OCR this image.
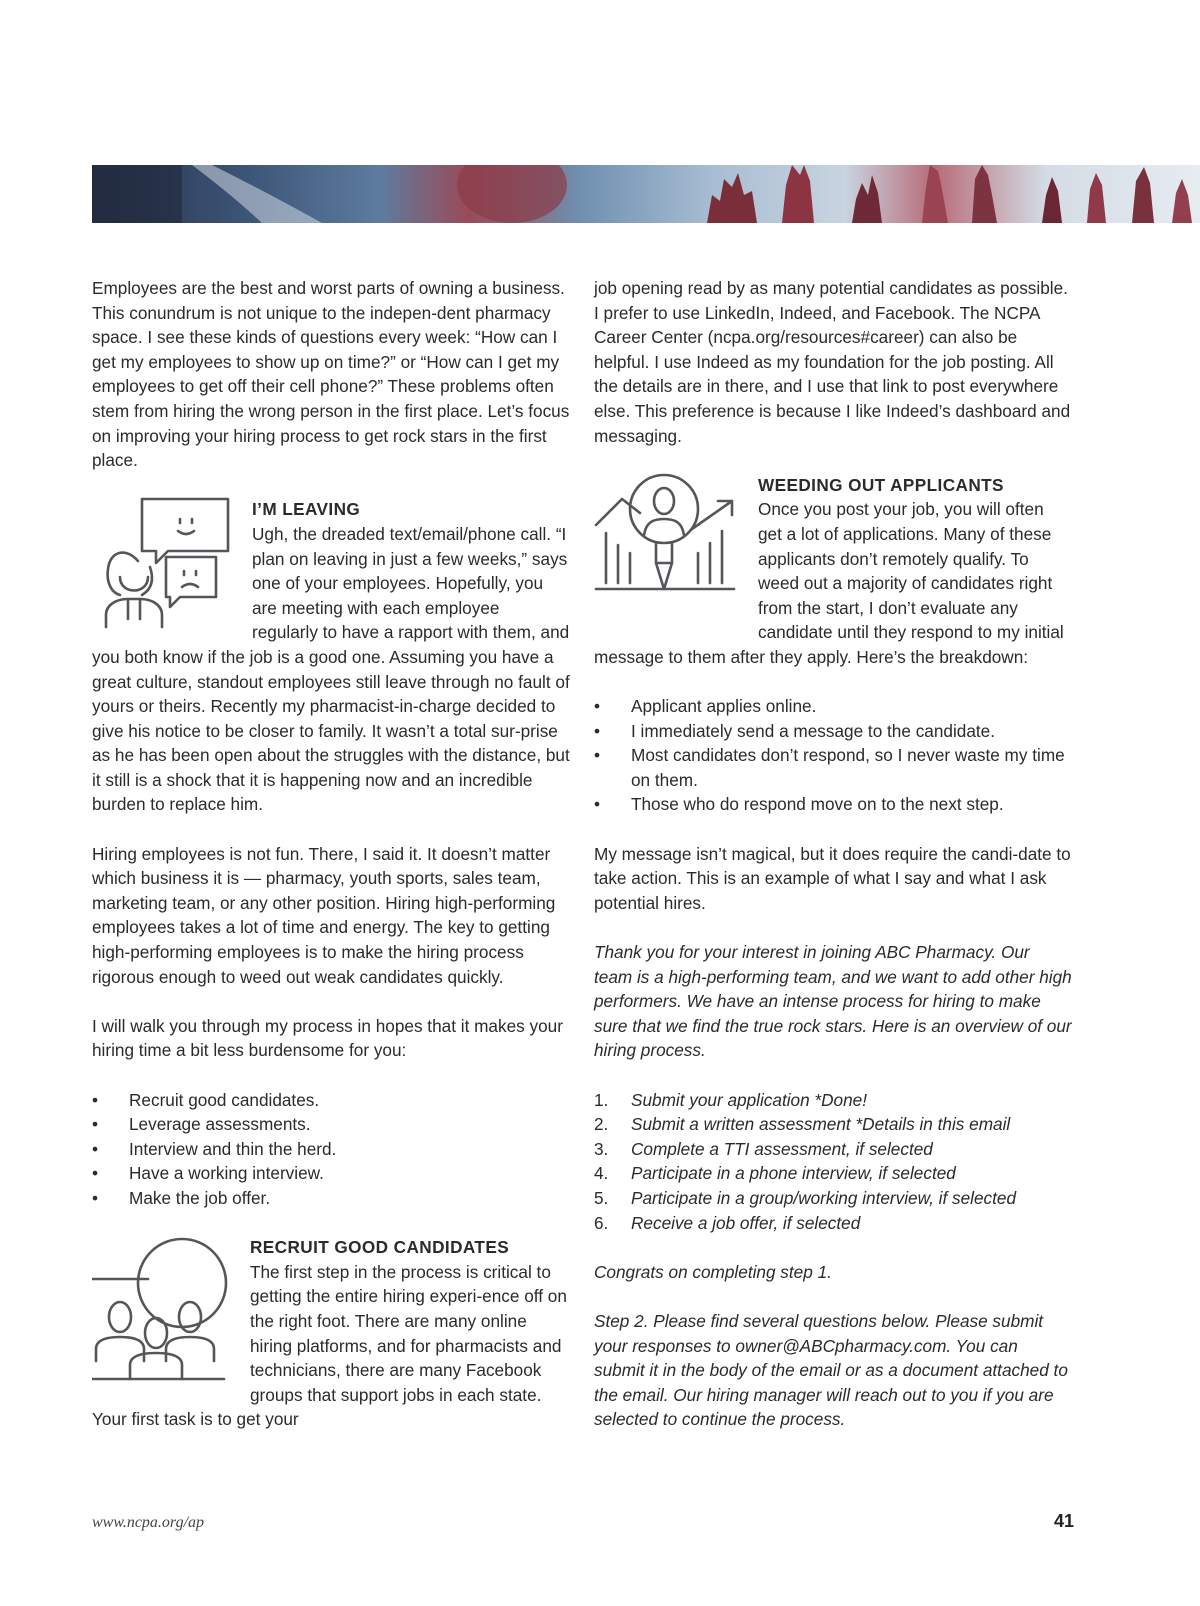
Employees are the best and worst parts of owning a business. This conundrum is not unique to the indepen-dent pharmacy space. I see these kinds of questions every week: “How can I get my employees to show up on time?” or “How can I get my employees to get off their cell phone?” These problems often stem from hiring the wrong person in the first place. Let’s focus on improving your hiring process to get rock stars in the first place.

I’M LEAVING
Ugh, the dreaded text/email/phone call. “I plan on leaving in just a few weeks,” says one of your employees. Hopefully, you are meeting with each employee regularly to have a rapport with them, and you both know if the job is a good one. Assuming you have a great culture, standout employees still leave through no fault of yours or theirs. Recently my pharmacist-in-charge decided to give his notice to be closer to family. It wasn’t a total sur-prise as he has been open about the struggles with the distance, but it still is a shock that it is happening now and an incredible burden to replace him.

Hiring employees is not fun. There, I said it. It doesn’t matter which business it is — pharmacy, youth sports, sales team, marketing team, or any other position. Hiring high-performing employees takes a lot of time and energy. The key to getting high-performing employees is to make the hiring process rigorous enough to weed out weak candidates quickly.

I will walk you through my process in hopes that it makes your hiring time a bit less burdensome for you:

• Recruit good candidates.
• Leverage assessments.
• Interview and thin the herd.
• Have a working interview.
• Make the job offer.

RECRUIT GOOD CANDIDATES
The first step in the process is critical to getting the entire hiring experi-ence off on the right foot. There are many online hiring platforms, and for pharmacists and technicians, there are many Facebook groups that support jobs in each state. Your first task is to get your

job opening read by as many potential candidates as possible. I prefer to use LinkedIn, Indeed, and Facebook. The NCPA Career Center (ncpa.org/resources#career) can also be helpful. I use Indeed as my foundation for the job posting. All the details are in there, and I use that link to post everywhere else. This preference is because I like Indeed’s dashboard and messaging.

WEEDING OUT APPLICANTS
Once you post your job, you will often get a lot of applications. Many of these applicants don’t remotely qualify. To weed out a majority of candidates right from the start, I don’t evaluate any candidate until they respond to my initial message to them after they apply. Here’s the breakdown:

• Applicant applies online.
• I immediately send a message to the candidate.
• Most candidates don’t respond, so I never waste my time on them.
• Those who do respond move on to the next step.

My message isn’t magical, but it does require the candi-date to take action. This is an example of what I say and what I ask potential hires.

Thank you for your interest in joining ABC Pharmacy. Our team is a high-performing team, and we want to add other high performers. We have an intense process for hiring to make sure that we find the true rock stars. Here is an overview of our hiring process.

1. Submit your application *Done!
2. Submit a written assessment *Details in this email
3. Complete a TTI assessment, if selected
4. Participate in a phone interview, if selected
5. Participate in a group/working interview, if selected
6. Receive a job offer, if selected

Congrats on completing step 1.

Step 2. Please find several questions below. Please submit your responses to owner@ABCpharmacy.com. You can submit it in the body of the email or as a document attached to the email. Our hiring manager will reach out to you if you are selected to continue the process.

www.ncpa.org/ap	41
